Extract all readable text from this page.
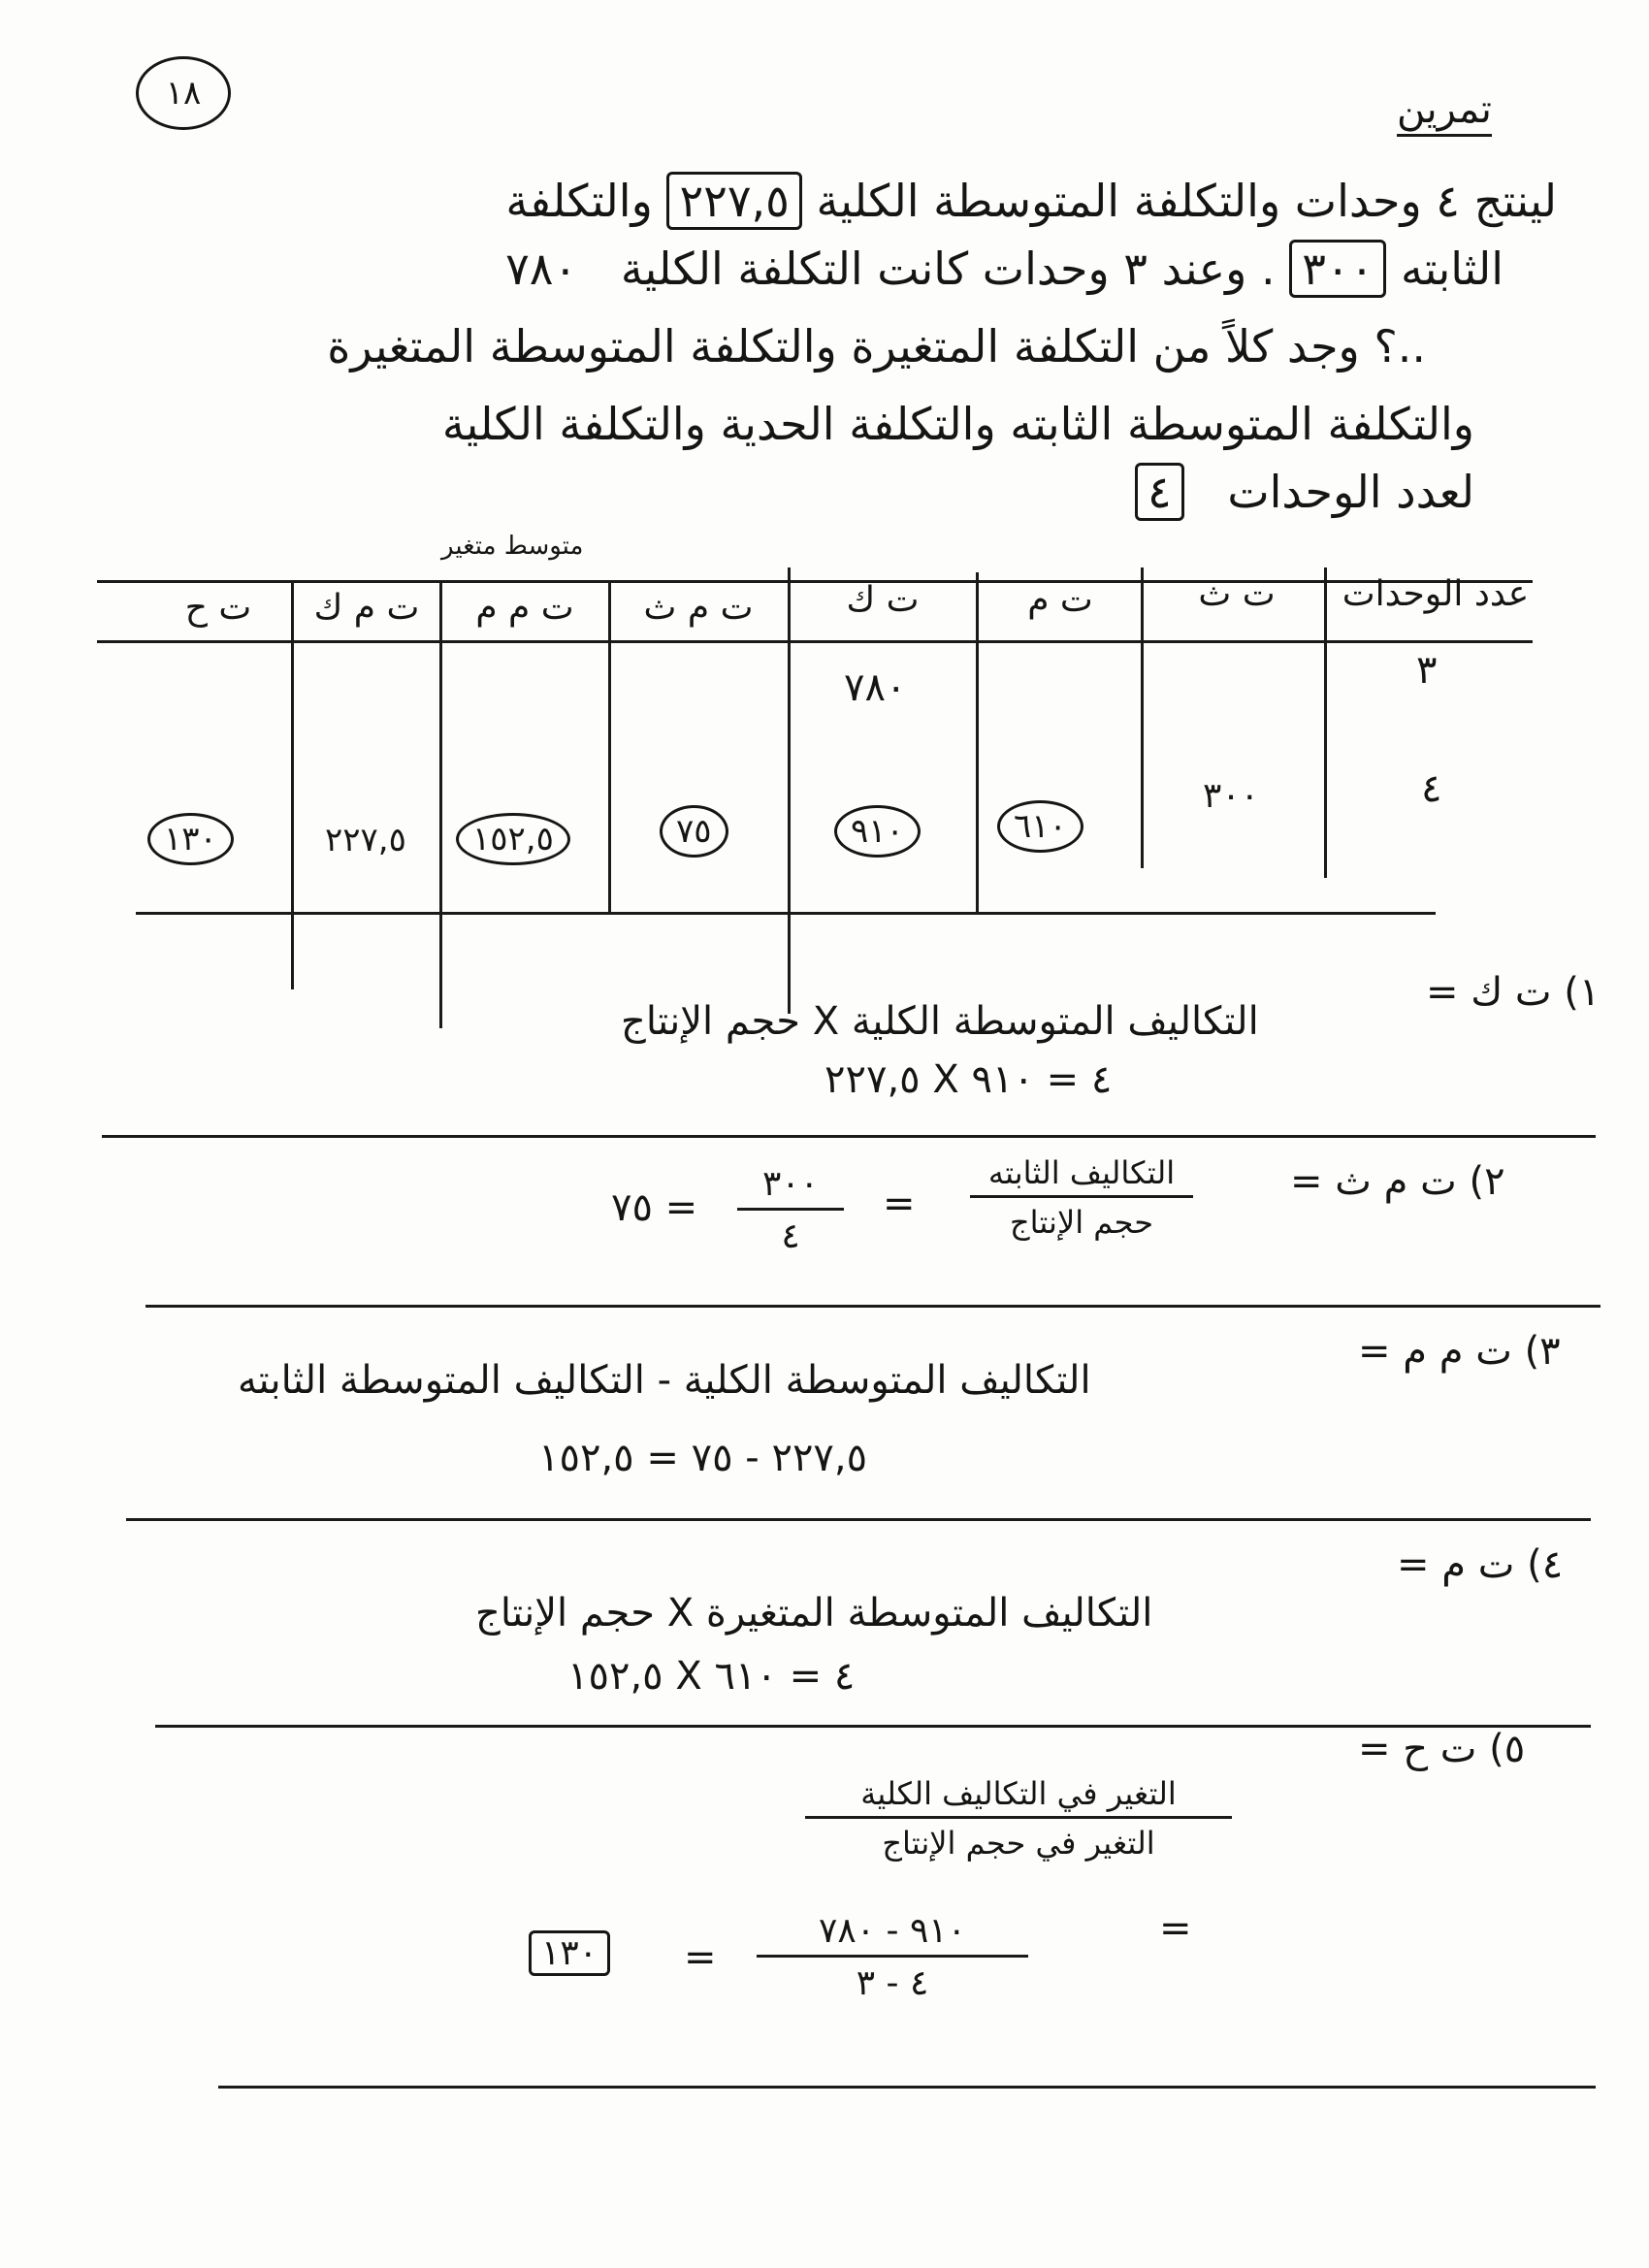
١٨	تمرين
لينتج ٤ وحدات والتكلفة المتوسطة الكلية ٢٢٧,٥ والتكلفة
الثابته ٣٠٠ . وعند ٣ وحدات كانت التكلفة الكلية ٧٨٠
..؟ وجد كلاً من التكلفة المتغيرة والتكلفة المتوسطة المتغيرة
والتكلفة المتوسطة الثابته والتكلفة الحدية والتكلفة الكلية
لعدد الوحدات ٤
متوسط متغير
عدد الوحدات
ت ث
ت م
ت ك
ت م ث
ت م م
ت م ك
ت ح
٣
٧٨٠
٤
٣٠٠
٦١٠
٩١٠
٧٥
١٥٢,٥
٢٢٧,٥
١٣٠
١) ت ك =
التكاليف المتوسطة الكلية X حجم الإنتاج
٢٢٧,٥ X ٤ = ٩١٠
٢) ت م ث =
التكاليف الثابته
حجم الإنتاج
=
٣٠٠
٤
= ٧٥
٣) ت م م =
التكاليف المتوسطة الكلية - التكاليف المتوسطة الثابته
٢٢٧,٥ - ٧٥ = ١٥٢,٥
٤) ت م =
التكاليف المتوسطة المتغيرة X حجم الإنتاج
١٥٢,٥ X ٤ = ٦١٠
٥) ت ح =
التغير في التكاليف الكلية
التغير في حجم الإنتاج
=
٩١٠ - ٧٨٠
٤ - ٣
=
١٣٠
